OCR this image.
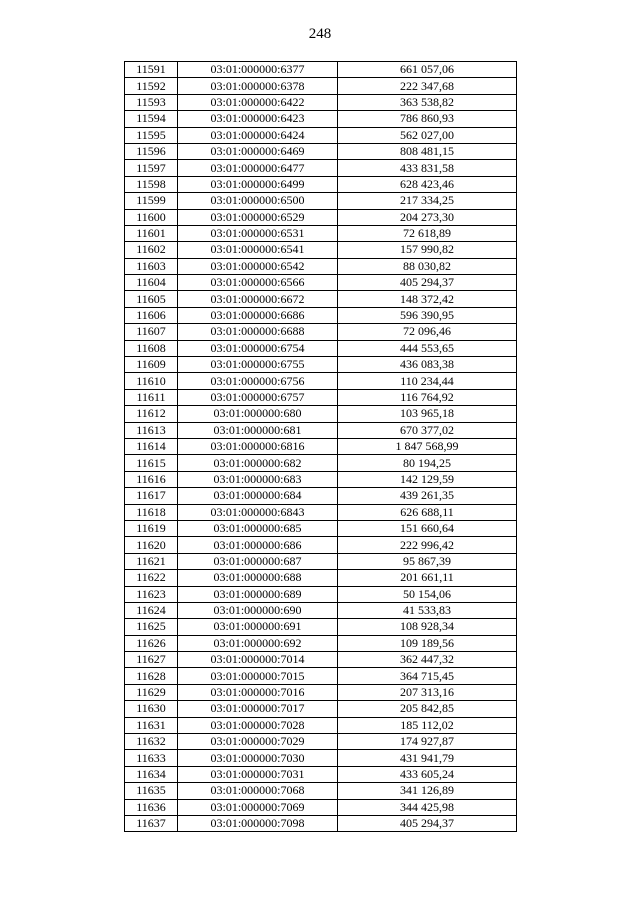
248
11591	03:01:000000:6377	661 057,06
11592	03:01:000000:6378	222 347,68
11593	03:01:000000:6422	363 538,82
11594	03:01:000000:6423	786 860,93
11595	03:01:000000:6424	562 027,00
11596	03:01:000000:6469	808 481,15
11597	03:01:000000:6477	433 831,58
11598	03:01:000000:6499	628 423,46
11599	03:01:000000:6500	217 334,25
11600	03:01:000000:6529	204 273,30
11601	03:01:000000:6531	72 618,89
11602	03:01:000000:6541	157 990,82
11603	03:01:000000:6542	88 030,82
11604	03:01:000000:6566	405 294,37
11605	03:01:000000:6672	148 372,42
11606	03:01:000000:6686	596 390,95
11607	03:01:000000:6688	72 096,46
11608	03:01:000000:6754	444 553,65
11609	03:01:000000:6755	436 083,38
11610	03:01:000000:6756	110 234,44
11611	03:01:000000:6757	116 764,92
11612	03:01:000000:680	103 965,18
11613	03:01:000000:681	670 377,02
11614	03:01:000000:6816	1 847 568,99
11615	03:01:000000:682	80 194,25
11616	03:01:000000:683	142 129,59
11617	03:01:000000:684	439 261,35
11618	03:01:000000:6843	626 688,11
11619	03:01:000000:685	151 660,64
11620	03:01:000000:686	222 996,42
11621	03:01:000000:687	95 867,39
11622	03:01:000000:688	201 661,11
11623	03:01:000000:689	50 154,06
11624	03:01:000000:690	41 533,83
11625	03:01:000000:691	108 928,34
11626	03:01:000000:692	109 189,56
11627	03:01:000000:7014	362 447,32
11628	03:01:000000:7015	364 715,45
11629	03:01:000000:7016	207 313,16
11630	03:01:000000:7017	205 842,85
11631	03:01:000000:7028	185 112,02
11632	03:01:000000:7029	174 927,87
11633	03:01:000000:7030	431 941,79
11634	03:01:000000:7031	433 605,24
11635	03:01:000000:7068	341 126,89
11636	03:01:000000:7069	344 425,98
11637	03:01:000000:7098	405 294,37
